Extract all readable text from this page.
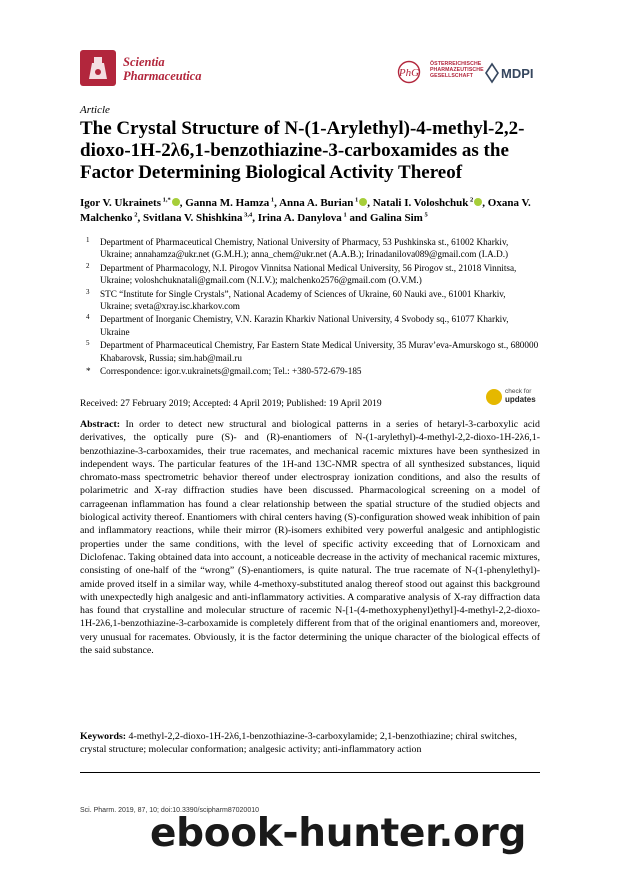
Scientia
Pharmaceutica	PhG
ÖSTERREICHISCHE
PHARMAZEUTISCHE
GESELLSCHAFT	MDPI
Article
The Crystal Structure of N-(1-Arylethyl)-4-methyl-2,2-dioxo-1H-2λ6,1-benzothiazine-3-carboxamides as the Factor Determining Biological Activity Thereof
Igor V. Ukrainets $^{1,*}$ , Ganna M. Hamza $^1$, Anna A. Burian $^1$ , Natali I. Voloshchuk $^2$ , Oxana V. Malchenko $^2$, Svitlana V. Shishkina $^{3,4}$, Irina A. Danylova $^1$ and Galina Sim $^5$
1 Department of Pharmaceutical Chemistry, National University of Pharmacy, 53 Pushkinska st., 61002 Kharkiv, Ukraine; annahamza@ukr.net (G.M.H.); anna_chem@ukr.net (A.A.B.); Irinadanilova089@gmail.com (I.A.D.)
2 Department of Pharmacology, N.I. Pirogov Vinnitsa National Medical University, 56 Pirogov st., 21018 Vinnitsa, Ukraine; voloshchuknatali@gmail.com (N.I.V.); malchenko2576@gmail.com (O.V.M.)
3 STC “Institute for Single Crystals”, National Academy of Sciences of Ukraine, 60 Nauki ave., 61001 Kharkiv, Ukraine; sveta@xray.isc.kharkov.com
4 Department of Inorganic Chemistry, V.N. Karazin Kharkiv National University, 4 Svobody sq., 61077 Kharkiv, Ukraine
5 Department of Pharmaceutical Chemistry, Far Eastern State Medical University, 35 Murav’eva-Amurskogo st., 680000 Khabarovsk, Russia; sim.hab@mail.ru
* Correspondence: igor.v.ukrainets@gmail.com; Tel.: +380-572-679-185
Received: 27 February 2019; Accepted: 4 April 2019; Published: 19 April 2019
check for
updates
Abstract: In order to detect new structural and biological patterns in a series of hetaryl-3-carboxylic acid derivatives, the optically pure (S)- and (R)-enantiomers of N-(1-arylethyl)-4-methyl-2,2-dioxo-1H-2λ6,1-benzothiazine-3-carboxamides, their true racemates, and mechanical racemic mixtures have been synthesized in independent ways. The particular features of the 1H-and 13C-NMR spectra of all synthesized substances, liquid chromato-mass spectrometric behavior thereof under electrospray ionization conditions, and also the results of polarimetric and X-ray diffraction studies have been discussed. Pharmacological screening on a model of carrageenan inflammation has found a clear relationship between the spatial structure of the studied objects and biological activity thereof. Enantiomers with chiral centers having (S)-configuration showed weak inhibition of pain and inflammatory reactions, while their mirror (R)-isomers exhibited very powerful analgesic and antiphlogistic properties under the same conditions, with the level of specific activity exceeding that of Lornoxicam and Diclofenac. Taking obtained data into account, a noticeable decrease in the activity of mechanical racemic mixtures, consisting of one-half of the “wrong” (S)-enantiomers, is quite natural. The true racemate of N-(1-phenylethyl)-amide proved itself in a similar way, while 4-methoxy-substituted analog thereof stood out against this background with unexpectedly high analgesic and anti-inflammatory activities. A comparative analysis of X-ray diffraction data has found that crystalline and molecular structure of racemic N-[1-(4-methoxyphenyl)ethyl]-4-methyl-2,2-dioxo-1H-2λ6,1-benzothiazine-3-carboxamide is completely different from that of the original enantiomers and, moreover, very unusual for racemates. Obviously, it is the factor determining the unique character of the biological effects of the said substance.
Keywords: 4-methyl-2,2-dioxo-1H-2λ6,1-benzothiazine-3-carboxylamide; 2,1-benzothiazine; chiral switches, crystal structure; molecular conformation; analgesic activity; anti-inflammatory action
Sci. Pharm. 2019, 87, 10; doi:10.3390/scipharm87020010
ebook-hunter.org
